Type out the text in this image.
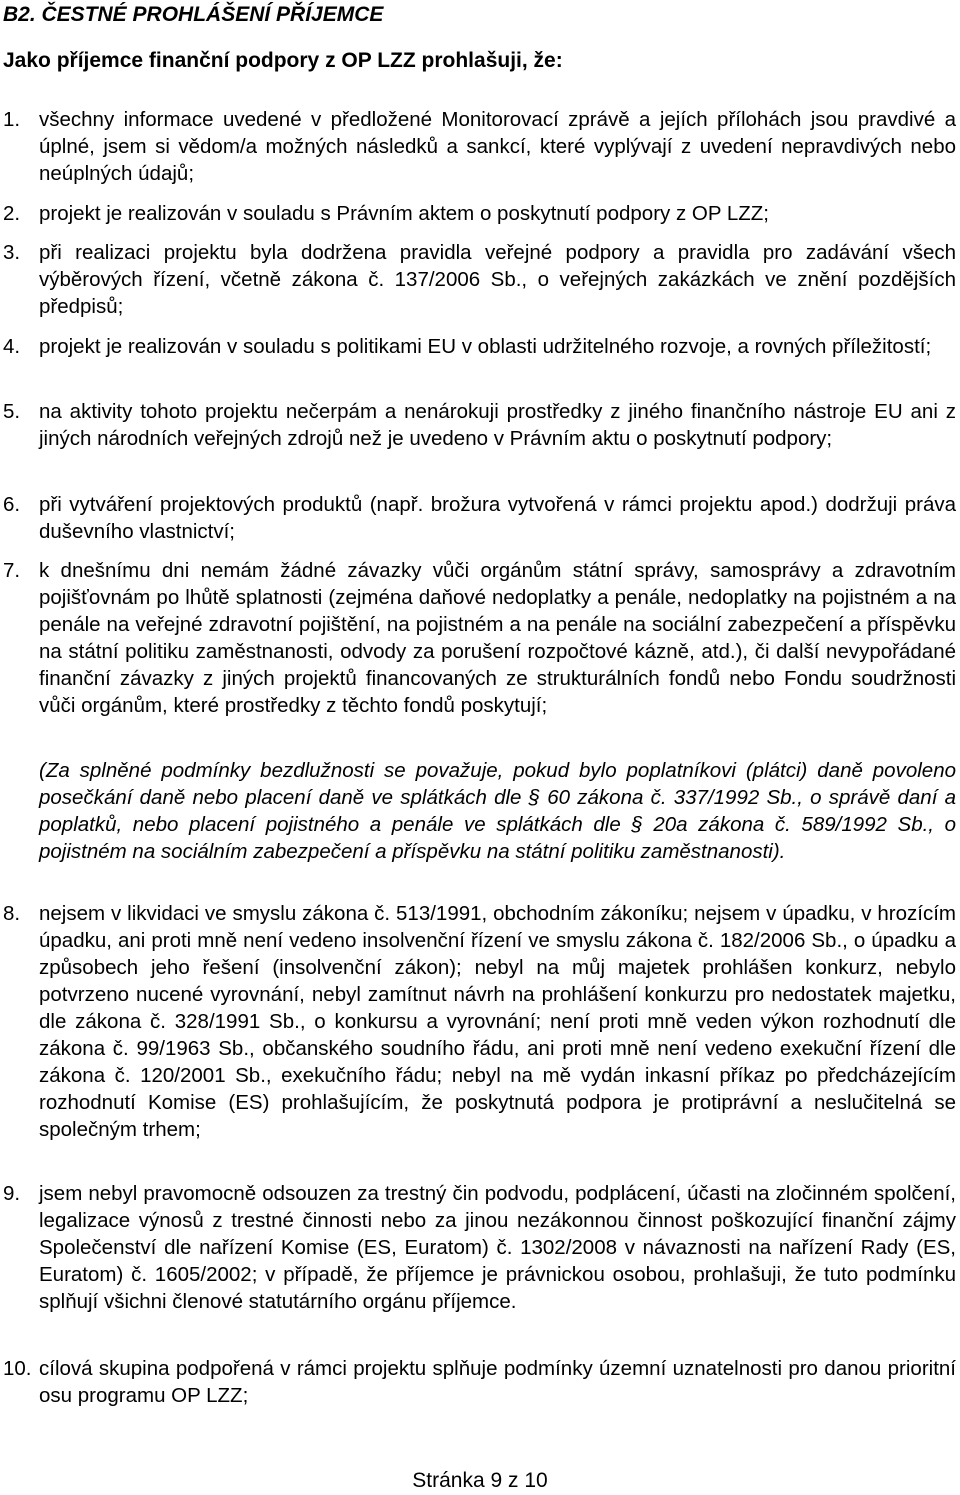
B2. ČESTNÉ PROHLÁŠENÍ PŘÍJEMCE

Jako příjemce finanční podpory z OP LZZ prohlašuji, že:

1. všechny informace uvedené v předložené Monitorovací zprávě a jejích přílohách jsou pravdivé a úplné, jsem si vědom/a možných následků a sankcí, které vyplývají z uvedení nepravdivých nebo neúplných údajů;

2. projekt je realizován v souladu s Právním aktem o poskytnutí podpory z OP LZZ;

3. při realizaci projektu byla dodržena pravidla veřejné podpory a pravidla pro zadávání všech výběrových řízení, včetně zákona č. 137/2006 Sb., o veřejných zakázkách ve znění pozdějších předpisů;

4. projekt je realizován v souladu s politikami EU v oblasti udržitelného rozvoje, a rovných příležitostí;

5. na aktivity tohoto projektu nečerpám a nenárokuji prostředky z jiného finančního nástroje EU ani z jiných národních veřejných zdrojů než je uvedeno v Právním aktu o poskytnutí podpory;

6. při vytváření projektových produktů (např. brožura vytvořená v rámci projektu apod.) dodržuji práva duševního vlastnictví;

7. k dnešnímu dni nemám žádné závazky vůči orgánům státní správy, samosprávy a zdravotním pojišťovnám po lhůtě splatnosti (zejména daňové nedoplatky a penále, nedoplatky na pojistném a na penále na veřejné zdravotní pojištění, na pojistném a na penále na sociální zabezpečení a příspěvku na státní politiku zaměstnanosti, odvody za porušení rozpočtové kázně, atd.), či další nevypořádané finanční závazky z jiných projektů financovaných ze strukturálních fondů nebo Fondu soudržnosti vůči orgánům, které prostředky z těchto fondů poskytují;

(Za splněné podmínky bezdlužnosti se považuje, pokud bylo poplatníkovi (plátci) daně povoleno posečkání daně nebo placení daně ve splátkách dle § 60 zákona č. 337/1992 Sb., o správě daní a poplatků, nebo placení pojistného a penále ve splátkách dle § 20a zákona č. 589/1992 Sb., o pojistném na sociálním zabezpečení a příspěvku na státní politiku zaměstnanosti).

8. nejsem v likvidaci ve smyslu zákona č. 513/1991, obchodním zákoníku; nejsem v úpadku, v hrozícím úpadku, ani proti mně není vedeno insolvenční řízení ve smyslu zákona č. 182/2006 Sb., o úpadku a způsobech jeho řešení (insolvenční zákon); nebyl na můj majetek prohlášen konkurz, nebylo potvrzeno nucené vyrovnání, nebyl zamítnut návrh na prohlášení konkurzu pro nedostatek majetku, dle zákona č. 328/1991 Sb., o konkursu a vyrovnání; není proti mně veden výkon rozhodnutí dle zákona č. 99/1963 Sb., občanského soudního řádu, ani proti mně není vedeno exekuční řízení dle zákona č. 120/2001 Sb., exekučního řádu; nebyl na mě vydán inkasní příkaz po předcházejícím rozhodnutí Komise (ES) prohlašujícím, že poskytnutá podpora je protiprávní a neslučitelná se společným trhem;

9. jsem nebyl pravomocně odsouzen za trestný čin podvodu, podplácení, účasti na zločinném spolčení, legalizace výnosů z trestné činnosti nebo za jinou nezákonnou činnost poškozující finanční zájmy Společenství dle nařízení Komise (ES, Euratom) č. 1302/2008 v návaznosti na nařízení Rady (ES, Euratom) č. 1605/2002; v případě, že příjemce je právnickou osobou, prohlašuji, že tuto podmínku splňují všichni členové statutárního orgánu příjemce.

10. cílová skupina podpořená v rámci projektu splňuje podmínky územní uznatelnosti pro danou prioritní osu programu OP LZZ;

Stránka 9 z 10
